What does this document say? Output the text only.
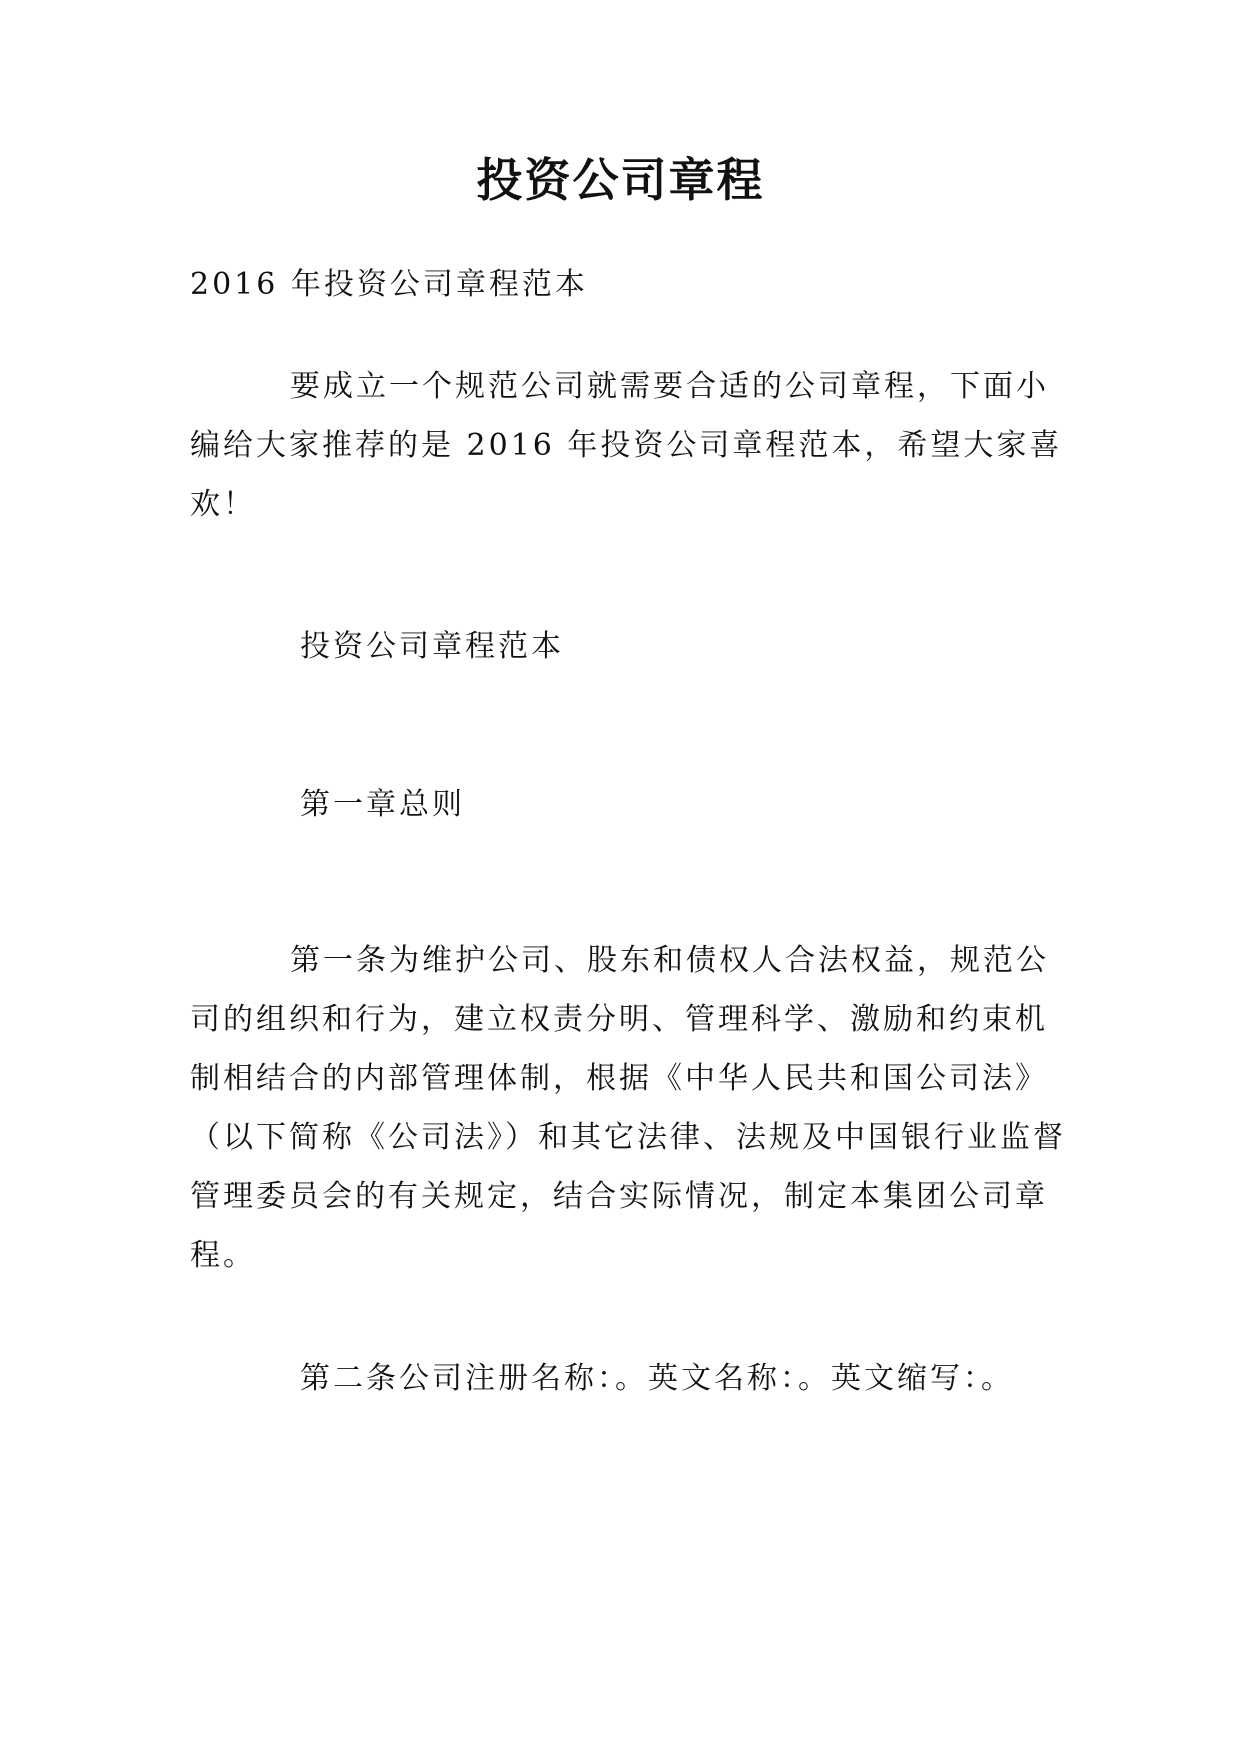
投资公司章程
2016 年投资公司章程范本
要成立一个规范公司就需要合适的公司章程，下面小
编给大家推荐的是 2016 年投资公司章程范本，希望大家喜
欢！
投资公司章程范本
第一章总则
第一条为维护公司、股东和债权人合法权益，规范公
司的组织和行为，建立权责分明、管理科学、激励和约束机
制相结合的内部管理体制，根据《中华人民共和国公司法》
（以下简称《公司法》）和其它法律、法规及中国银行业监督
管理委员会的有关规定，结合实际情况，制定本集团公司章
程。
第二条公司注册名称：。英文名称：。英文缩写：。
